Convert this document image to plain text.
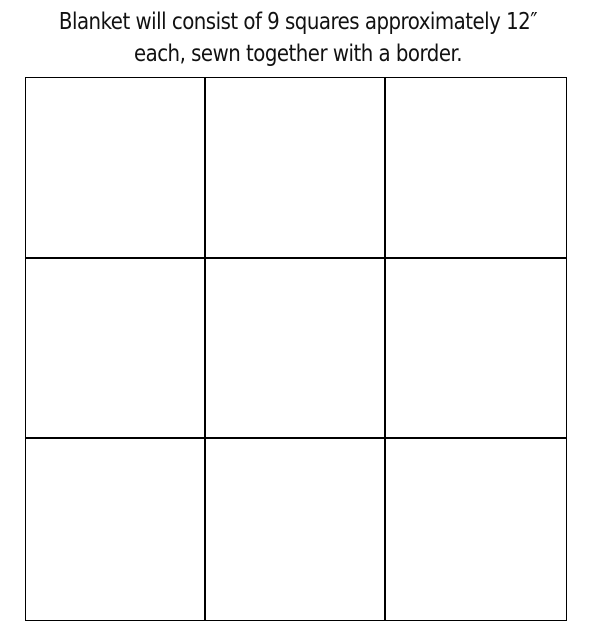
Blanket will consist of 9 squares approximately 12″
each, sewn together with a border.
